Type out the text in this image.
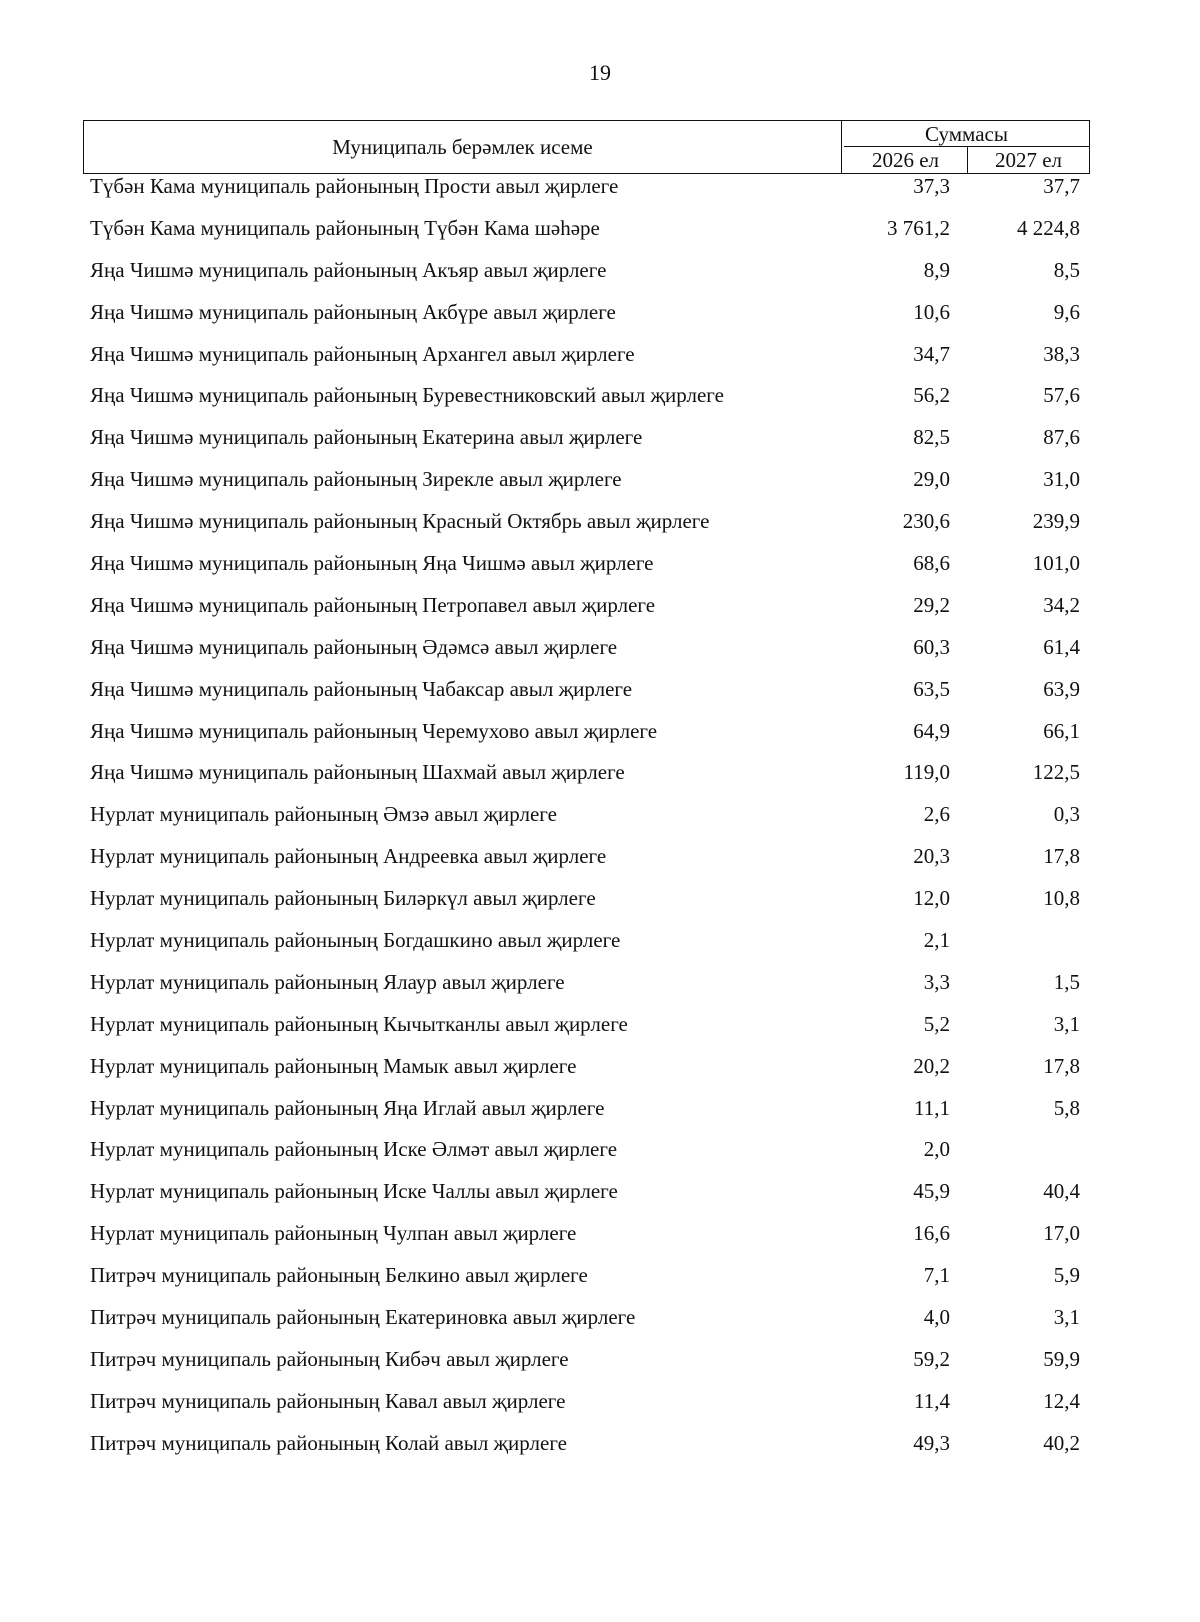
19
Муниципаль берәмлек исеме
Суммасы
2026 ел	2027 ел
Түбән Кама муниципаль районының Прости авыл җирлеге	37,3	37,7
Түбән Кама муниципаль районының Түбән Кама шәһәре	3 761,2	4 224,8
Яңа Чишмә муниципаль районының Акъяр авыл җирлеге	8,9	8,5
Яңа Чишмә муниципаль районының Акбүре авыл җирлеге	10,6	9,6
Яңа Чишмә муниципаль районының Архангел авыл җирлеге	34,7	38,3
Яңа Чишмә муниципаль районының Буревестниковский авыл җирлеге	56,2	57,6
Яңа Чишмә муниципаль районының Екатерина авыл җирлеге	82,5	87,6
Яңа Чишмә муниципаль районының Зирекле авыл җирлеге	29,0	31,0
Яңа Чишмә муниципаль районының Красный Октябрь авыл җирлеге	230,6	239,9
Яңа Чишмә муниципаль районының Яңа Чишмә авыл җирлеге	68,6	101,0
Яңа Чишмә муниципаль районының Петропавел авыл җирлеге	29,2	34,2
Яңа Чишмә муниципаль районының Әдәмсә авыл җирлеге	60,3	61,4
Яңа Чишмә муниципаль районының Чабаксар авыл җирлеге	63,5	63,9
Яңа Чишмә муниципаль районының Черемухово авыл җирлеге	64,9	66,1
Яңа Чишмә муниципаль районының Шахмай авыл җирлеге	119,0	122,5
Нурлат муниципаль районының Әмзә авыл җирлеге	2,6	0,3
Нурлат муниципаль районының Андреевка авыл җирлеге	20,3	17,8
Нурлат муниципаль районының Биләркүл авыл җирлеге	12,0	10,8
Нурлат муниципаль районының Богдашкино авыл җирлеге	2,1
Нурлат муниципаль районының Ялаур авыл җирлеге	3,3	1,5
Нурлат муниципаль районының Кычытканлы авыл җирлеге	5,2	3,1
Нурлат муниципаль районының Мамык авыл җирлеге	20,2	17,8
Нурлат муниципаль районының Яңа Иглай авыл җирлеге	11,1	5,8
Нурлат муниципаль районының Иске Әлмәт авыл җирлеге	2,0
Нурлат муниципаль районының Иске Чаллы авыл җирлеге	45,9	40,4
Нурлат муниципаль районының Чулпан авыл җирлеге	16,6	17,0
Питрәч муниципаль районының Белкино авыл җирлеге	7,1	5,9
Питрәч муниципаль районының Екатериновка авыл җирлеге	4,0	3,1
Питрәч муниципаль районының Кибәч авыл җирлеге	59,2	59,9
Питрәч муниципаль районының Кавал авыл җирлеге	11,4	12,4
Питрәч муниципаль районының Колай авыл җирлеге	49,3	40,2
